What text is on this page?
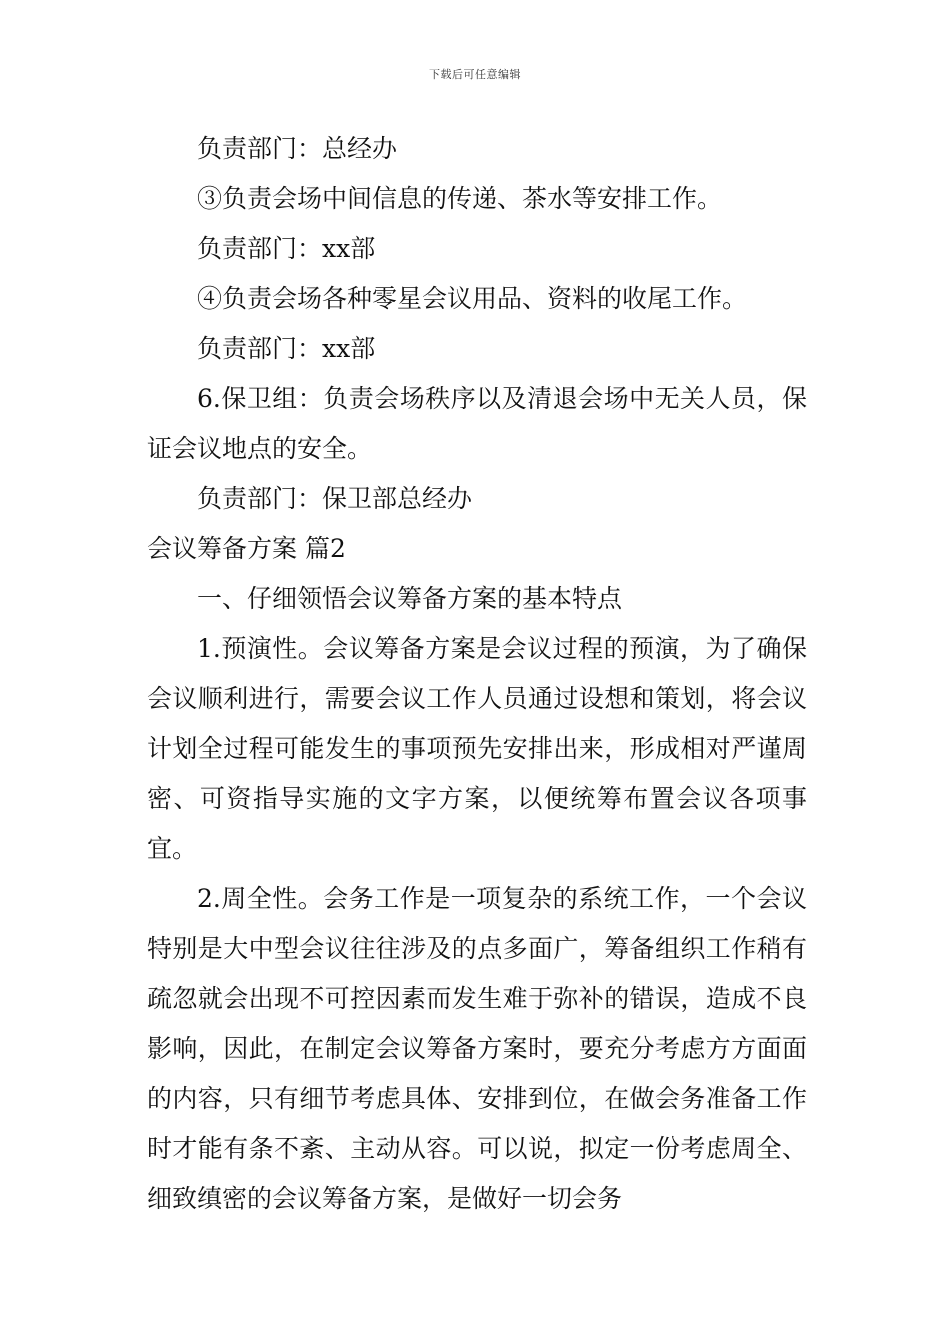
下载后可任意编辑

负责部门：总经办

③负责会场中间信息的传递、茶水等安排工作。

负责部门：xx部

④负责会场各种零星会议用品、资料的收尾工作。

负责部门：xx部

6.保卫组：负责会场秩序以及清退会场中无关人员，保证会议地点的安全。

负责部门：保卫部总经办

会议筹备方案 篇2

一、仔细领悟会议筹备方案的基本特点

1.预演性。会议筹备方案是会议过程的预演，为了确保会议顺利进行，需要会议工作人员通过设想和策划，将会议计划全过程可能发生的事项预先安排出来，形成相对严谨周密、可资指导实施的文字方案，以便统筹布置会议各项事宜。

2.周全性。会务工作是一项复杂的系统工作，一个会议特别是大中型会议往往涉及的点多面广，筹备组织工作稍有疏忽就会出现不可控因素而发生难于弥补的错误，造成不良影响，因此，在制定会议筹备方案时，要充分考虑方方面面的内容，只有细节考虑具体、安排到位，在做会务准备工作时才能有条不紊、主动从容。可以说，拟定一份考虑周全、细致缜密的会议筹备方案，是做好一切会务
